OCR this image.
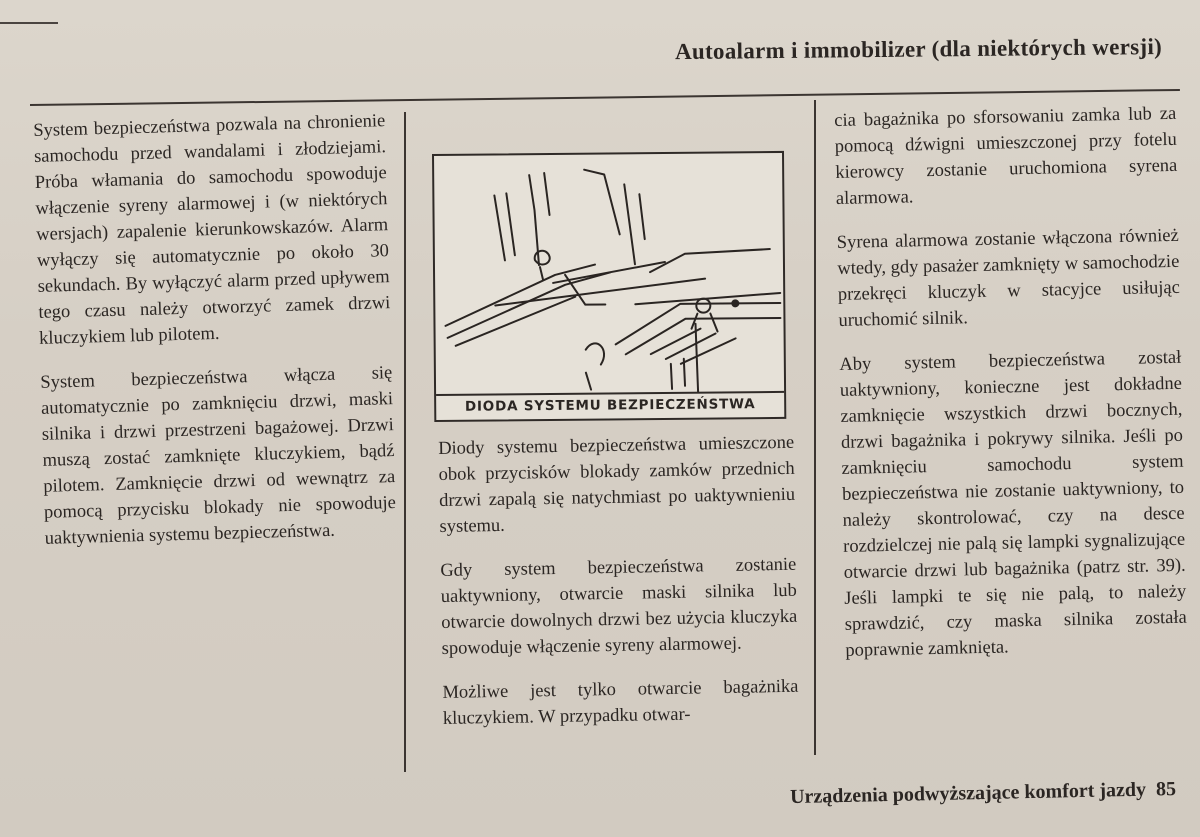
Autoalarm i immobilizer (dla niektórych wersji)

System bezpieczeństwa pozwala na chronienie samochodu przed wandalami i złodziejami. Próba włamania do samochodu spowoduje włączenie syreny alarmowej i (w niektórych wersjach) zapalenie kierunkowskazów. Alarm wyłączy się automatycznie po około 30 sekundach. By wyłączyć alarm przed upływem tego czasu należy otworzyć zamek drzwi kluczykiem lub pilotem.

System bezpieczeństwa włącza się automatycznie po zamknięciu drzwi, maski silnika i drzwi przestrzeni bagażowej. Drzwi muszą zostać zamknięte kluczykiem, bądź pilotem. Zamknięcie drzwi od wewnątrz za pomocą przycisku blokady nie spowoduje uaktywnienia systemu bezpieczeństwa.

DIODA SYSTEMU BEZPIECZEŃSTWA

Diody systemu bezpieczeństwa umieszczone obok przycisków blokady zamków przednich drzwi zapalą się natychmiast po uaktywnieniu systemu.

Gdy system bezpieczeństwa zostanie uaktywniony, otwarcie maski silnika lub otwarcie dowolnych drzwi bez użycia kluczyka spowoduje włączenie syreny alarmowej.

Możliwe jest tylko otwarcie bagażnika kluczykiem. W przypadku otwar-

cia bagażnika po sforsowaniu zamka lub za pomocą dźwigni umieszczonej przy fotelu kierowcy zostanie uruchomiona syrena alarmowa.

Syrena alarmowa zostanie włączona również wtedy, gdy pasażer zamknięty w samochodzie przekręci kluczyk w stacyjce usiłując uruchomić silnik.

Aby system bezpieczeństwa został uaktywniony, konieczne jest dokładne zamknięcie wszystkich drzwi bocznych, drzwi bagażnika i pokrywy silnika. Jeśli po zamknięciu samochodu system bezpieczeństwa nie zostanie uaktywniony, to należy skontrolować, czy na desce rozdzielczej nie palą się lampki sygnalizujące otwarcie drzwi lub bagażnika (patrz str. 39). Jeśli lampki te się nie palą, to należy sprawdzić, czy maska silnika została poprawnie zamknięta.

Urządzenia podwyższające komfort jazdy 85
